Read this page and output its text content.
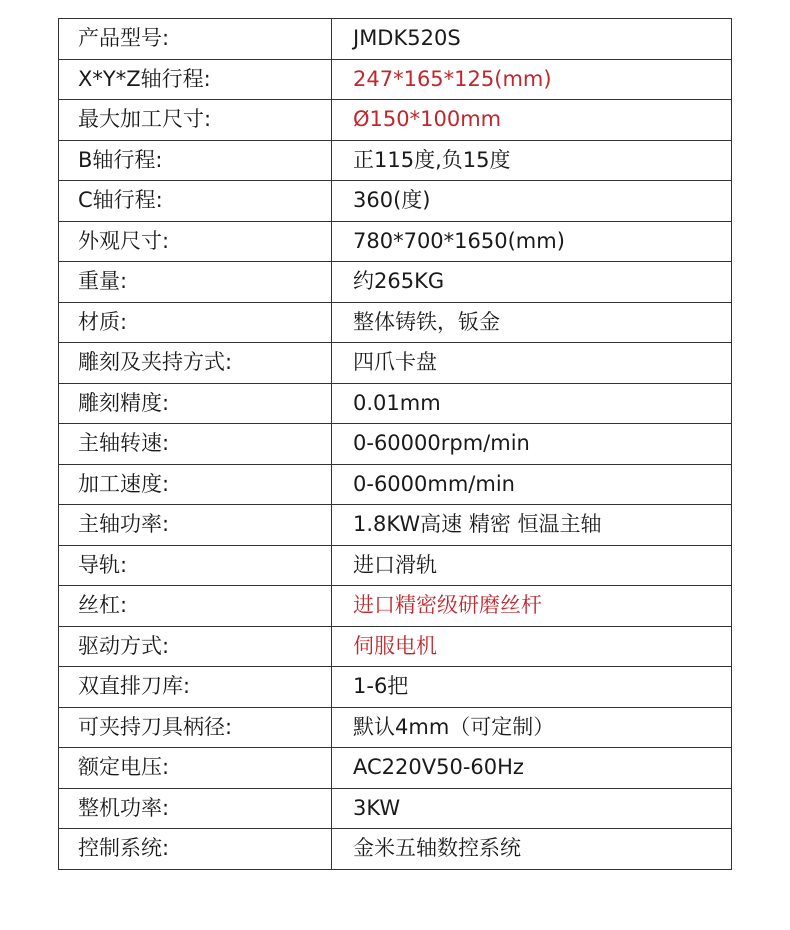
产品型号:	JMDK520S
X*Y*Z轴行程:	247*165*125(mm)
最大加工尺寸:	Ø150*100mm
B轴行程:	正115度,负15度
C轴行程:	360(度)
外观尺寸:	780*700*1650(mm)
重量:	约265KG
材质:	整体铸铁，钣金
雕刻及夹持方式:	四爪卡盘
雕刻精度:	0.01mm
主轴转速:	0-60000rpm/min
加工速度:	0-6000mm/min
主轴功率:	1.8KW高速 精密 恒温主轴
导轨:	进口滑轨
丝杠:	进口精密级研磨丝杆
驱动方式:	伺服电机
双直排刀库:	1-6把
可夹持刀具柄径:	默认4mm（可定制）
额定电压:	AC220V50-60Hz
整机功率:	3KW
控制系统:	金米五轴数控系统
